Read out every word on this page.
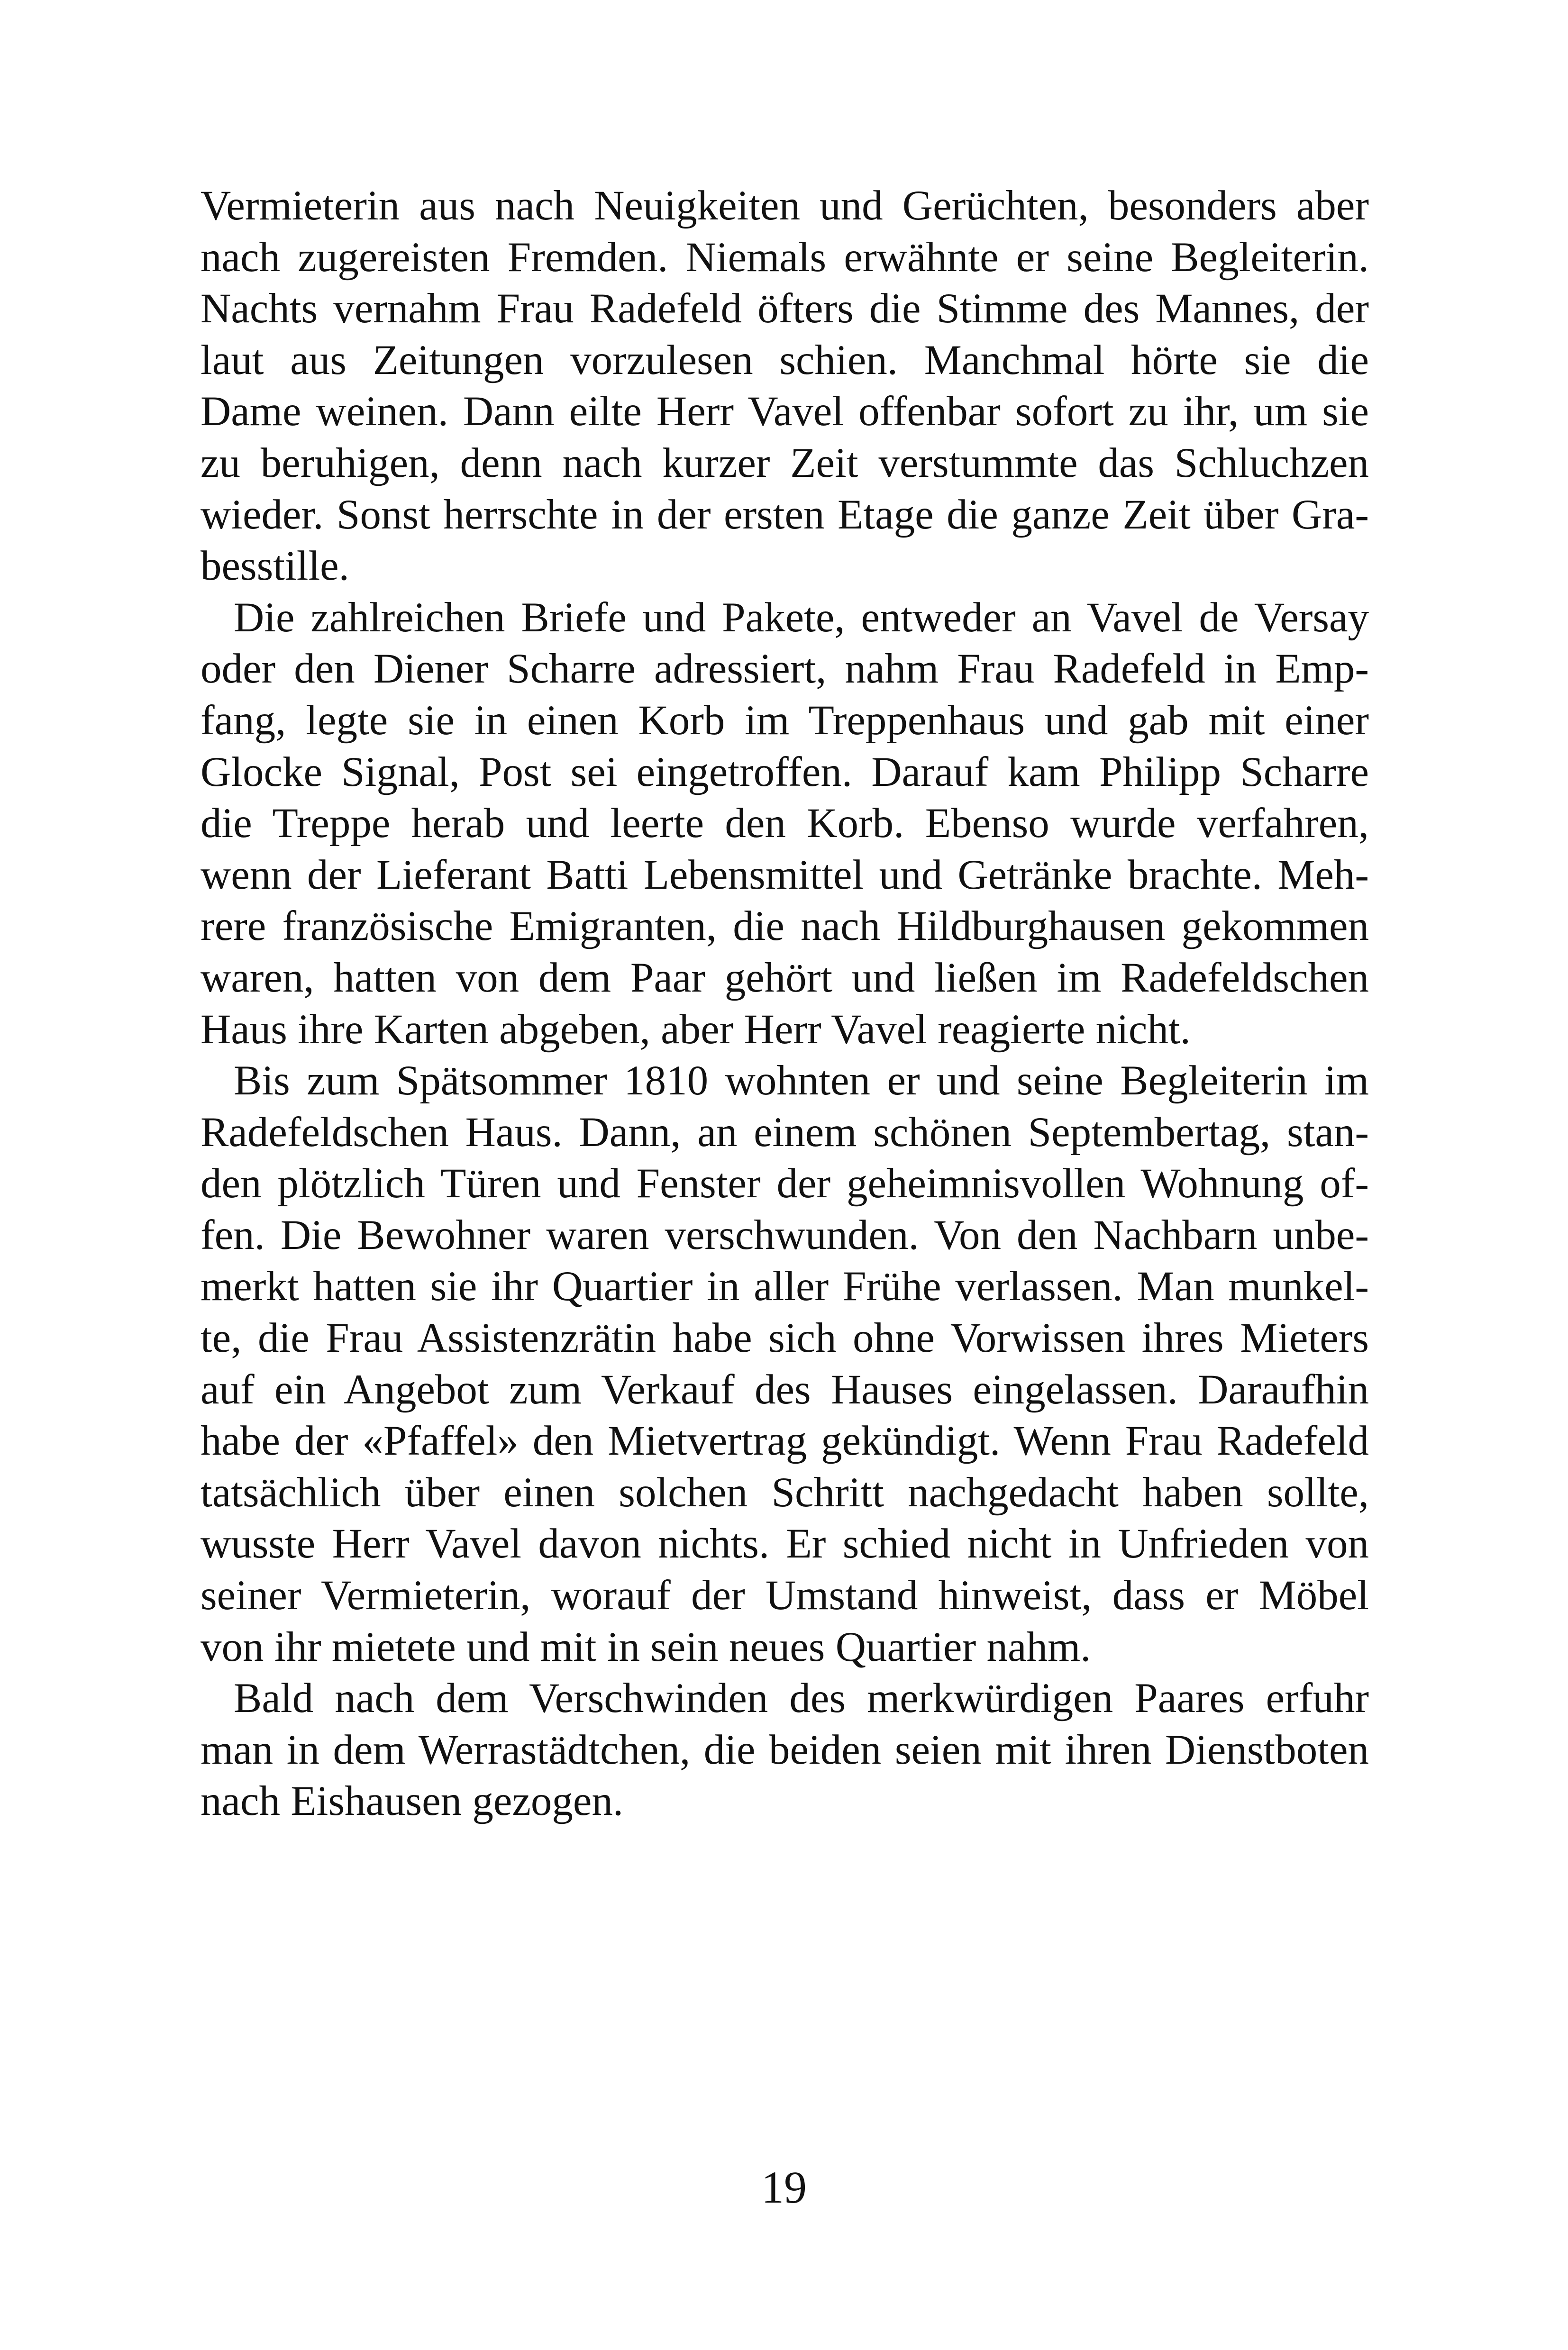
Vermieterin aus nach Neuigkeiten und Gerüchten, besonders aber
nach zugereisten Fremden. Niemals erwähnte er seine Begleiterin.
Nachts vernahm Frau Radefeld öfters die Stimme des Mannes, der
laut aus Zeitungen vorzulesen schien. Manchmal hörte sie die
Dame weinen. Dann eilte Herr Vavel offenbar sofort zu ihr, um sie
zu beruhigen, denn nach kurzer Zeit verstummte das Schluchzen
wieder. Sonst herrschte in der ersten Etage die ganze Zeit über Gra-
besstille.

Die zahlreichen Briefe und Pakete, entweder an Vavel de Versay
oder den Diener Scharre adressiert, nahm Frau Radefeld in Emp-
fang, legte sie in einen Korb im Treppenhaus und gab mit einer
Glocke Signal, Post sei eingetroffen. Darauf kam Philipp Scharre
die Treppe herab und leerte den Korb. Ebenso wurde verfahren,
wenn der Lieferant Batti Lebensmittel und Getränke brachte. Meh-
rere französische Emigranten, die nach Hildburghausen gekommen
waren, hatten von dem Paar gehört und ließen im Radefeldschen
Haus ihre Karten abgeben, aber Herr Vavel reagierte nicht.

Bis zum Spätsommer 1810 wohnten er und seine Begleiterin im
Radefeldschen Haus. Dann, an einem schönen Septembertag, stan-
den plötzlich Türen und Fenster der geheimnisvollen Wohnung of-
fen. Die Bewohner waren verschwunden. Von den Nachbarn unbe-
merkt hatten sie ihr Quartier in aller Frühe verlassen. Man munkel-
te, die Frau Assistenzrätin habe sich ohne Vorwissen ihres Mieters
auf ein Angebot zum Verkauf des Hauses eingelassen. Daraufhin
habe der «Pfaffel» den Mietvertrag gekündigt. Wenn Frau Radefeld
tatsächlich über einen solchen Schritt nachgedacht haben sollte,
wusste Herr Vavel davon nichts. Er schied nicht in Unfrieden von
seiner Vermieterin, worauf der Umstand hinweist, dass er Möbel
von ihr mietete und mit in sein neues Quartier nahm.

Bald nach dem Verschwinden des merkwürdigen Paares erfuhr
man in dem Werrastädtchen, die beiden seien mit ihren Dienstboten
nach Eishausen gezogen.

19
